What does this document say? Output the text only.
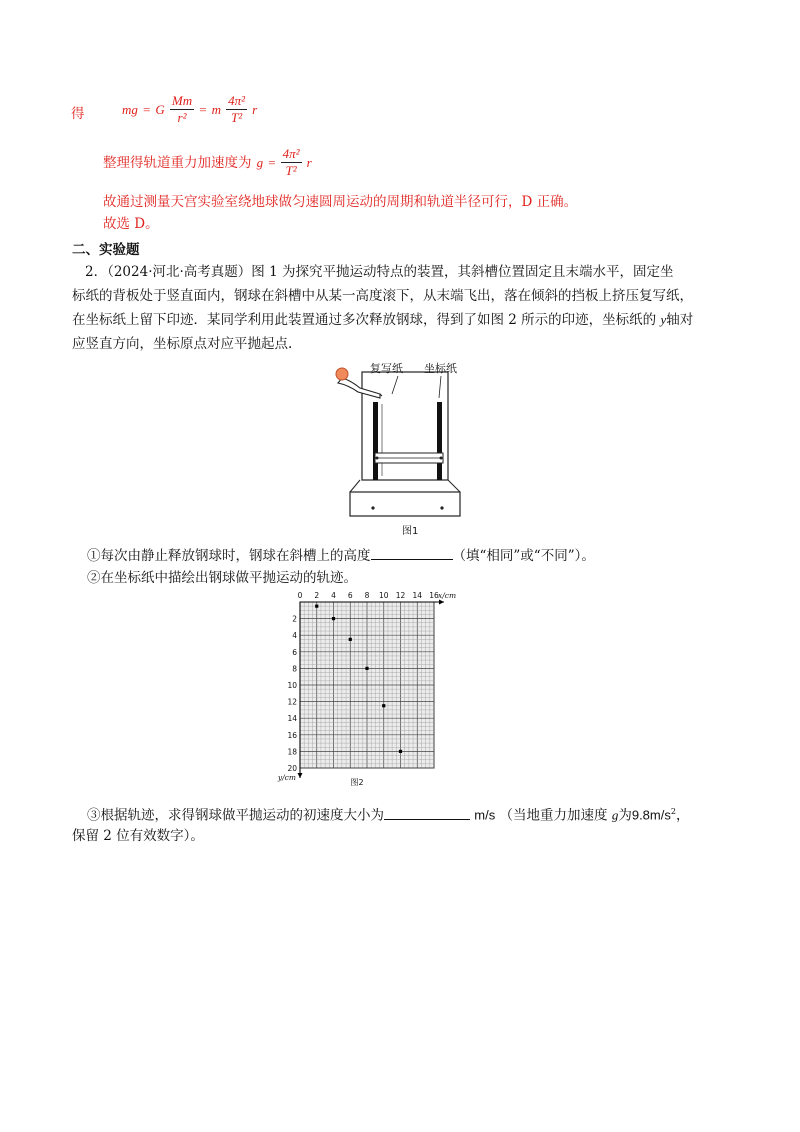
得	mg = G $\frac{Mm}{\text{r²}} = m \frac{\text{4π²}}{\text{T²}}$ r
整理得轨道重力加速度为 $g = \frac{\text{4π²}}{\text{T²}}$ r
故通过测量天宫实验室绕地球做匀速圆周运动的周期和轨道半径可行，D 正确。
故选 D。
二、实验题
2．（2024·河北·高考真题）图 1 为探究平抛运动特点的装置，其斜槽位置固定且末端水平，固定坐
标纸的背板处于竖直面内，钢球在斜槽中从某一高度滚下，从末端飞出，落在倾斜的挡板上挤压复写纸，
在坐标纸上留下印迹．某同学利用此装置通过多次释放钢球，得到了如图 2 所示的印迹，坐标纸的 y轴对
应竖直方向，坐标原点对应平抛起点.
复写纸 坐标纸
图1
①每次由静止释放钢球时，钢球在斜槽上的高度	（填“相同”或“不同”）。
②在坐标纸中描绘出钢球做平抛运动的轨迹。
0 2 4 6 8 10 12 14 16 x/cm
2
4
6
8
10
12
14
16
18
20
y/cm
图2
③根据轨迹，求得钢球做平抛运动的初速度大小为	m/s （当地重力加速度 g为$9.8m/s^2$，
保留 2 位有效数字）。
